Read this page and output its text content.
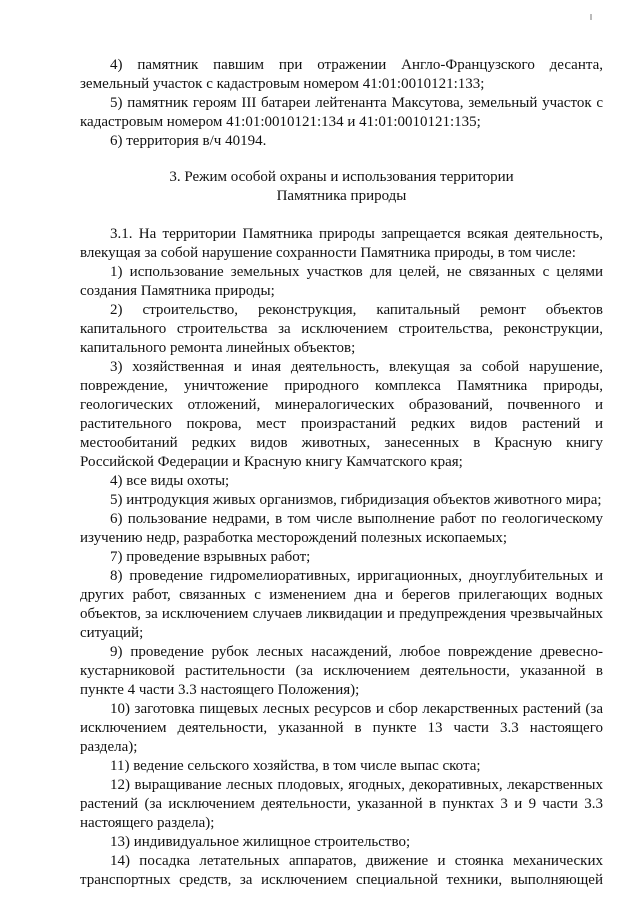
4) памятник павшим при отражении Англо-Французского десанта, земельный участок с кадастровым номером 41:01:0010121:133;

5) памятник героям III батареи лейтенанта Максутова, земельный участок с кадастровым номером 41:01:0010121:134 и 41:01:0010121:135;

6) территория в/ч 40194.

3. Режим особой охраны и использования территории
Памятника природы

3.1. На территории Памятника природы запрещается всякая деятельность, влекущая за собой нарушение сохранности Памятника природы, в том числе:

1) использование земельных участков для целей, не связанных с целями создания Памятника природы;

2) строительство, реконструкция, капитальный ремонт объектов капитального строительства за исключением строительства, реконструкции, капитального ремонта линейных объектов;

3) хозяйственная и иная деятельность, влекущая за собой нарушение, повреждение, уничтожение природного комплекса Памятника природы, геологических отложений, минералогических образований, почвенного и растительного покрова, мест произрастаний редких видов растений и местообитаний редких видов животных, занесенных в Красную книгу Российской Федерации и Красную книгу Камчатского края;

4) все виды охоты;

5) интродукция живых организмов, гибридизация объектов животного мира;

6) пользование недрами, в том числе выполнение работ по геологическому изучению недр, разработка месторождений полезных ископаемых;

7) проведение взрывных работ;

8) проведение гидромелиоративных, ирригационных, дноуглубительных и других работ, связанных с изменением дна и берегов прилегающих водных объектов, за исключением случаев ликвидации и предупреждения чрезвычайных ситуаций;

9) проведение рубок лесных насаждений, любое повреждение древесно-кустарниковой растительности (за исключением деятельности, указанной в пункте 4 части 3.3 настоящего Положения);

10) заготовка пищевых лесных ресурсов и сбор лекарственных растений (за исключением деятельности, указанной в пункте 13 части 3.3 настоящего раздела);

11) ведение сельского хозяйства, в том числе выпас скота;

12) выращивание лесных плодовых, ягодных, декоративных, лекарственных растений (за исключением деятельности, указанной в пунктах 3 и 9 части 3.3 настоящего раздела);

13) индивидуальное жилищное строительство;

14) посадка летательных аппаратов, движение и стоянка механических транспортных средств, за исключением специальной техники, выполняющей
